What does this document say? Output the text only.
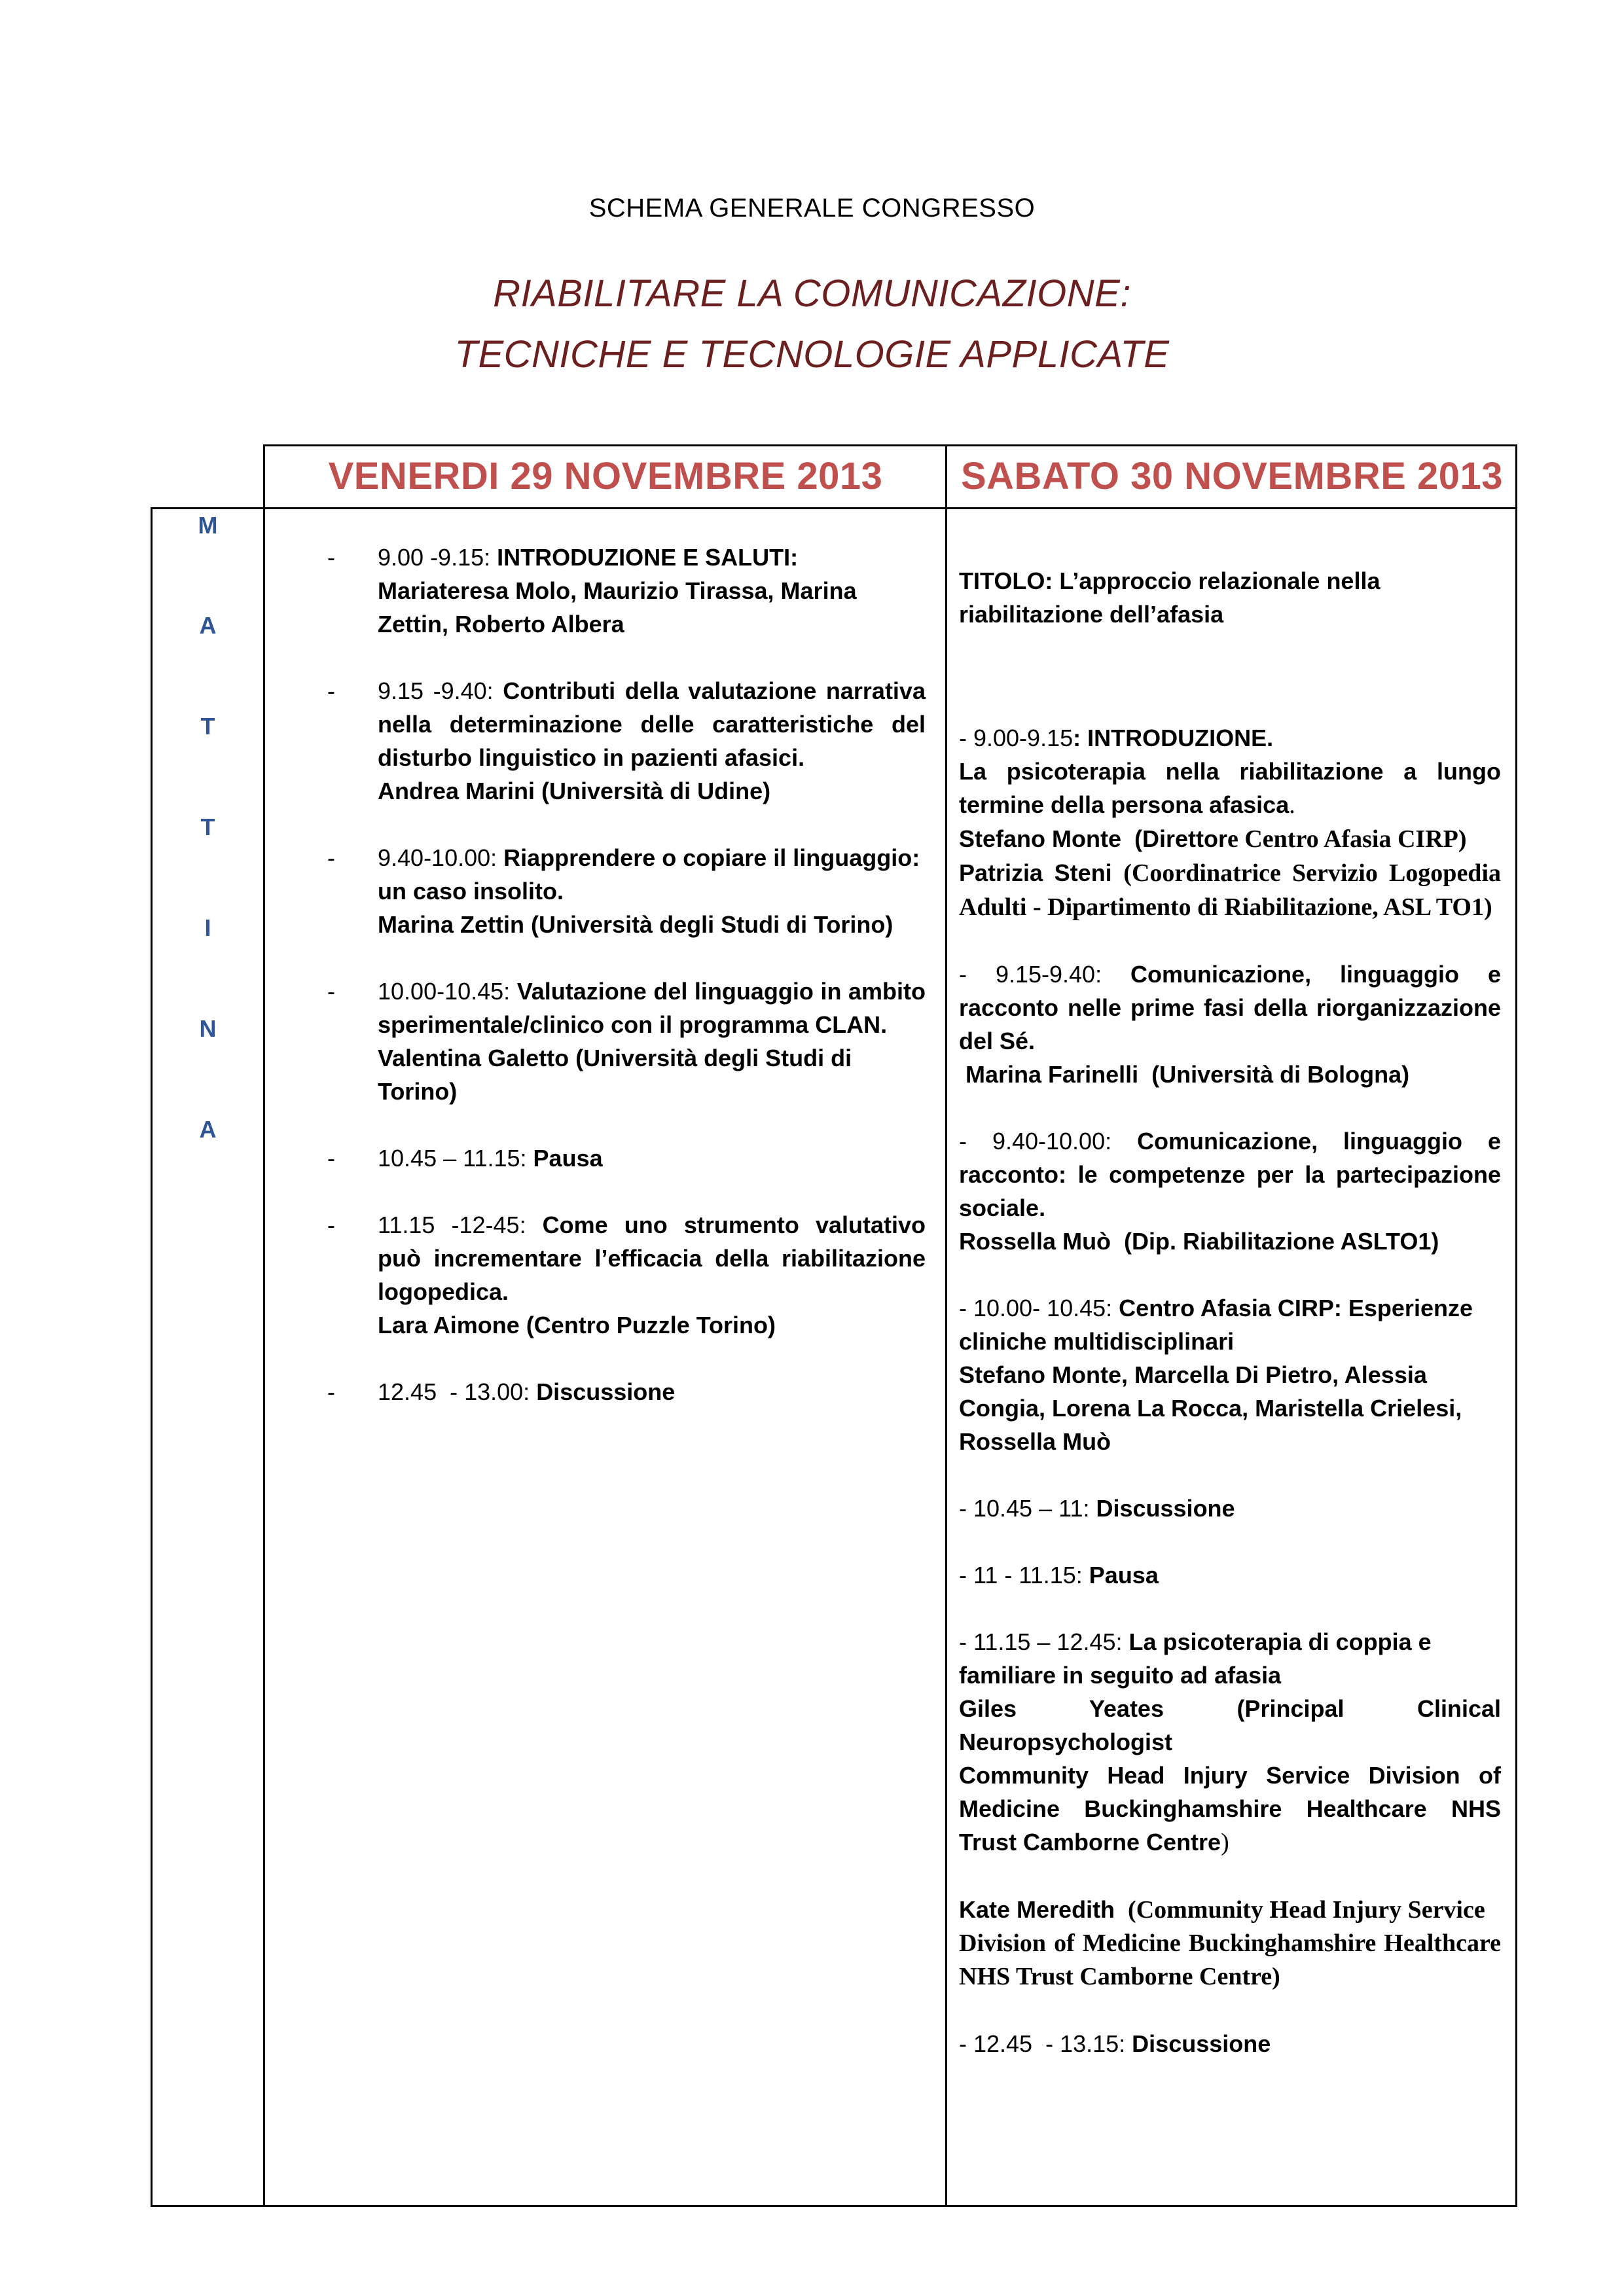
SCHEMA GENERALE CONGRESSO
RIABILITARE LA COMUNICAZIONE:
TECNICHE E TECNOLOGIE APPLICATE
VENERDI 29 NOVEMBRE 2013	SABATO 30 NOVEMBRE 2013
M
A
T
T
I
N
A
- 9.00 -9.15: INTRODUZIONE E SALUTI:

Mariateresa Molo, Maurizio Tirassa, Marina Zettin, Roberto Albera

- 9.15 -9.40: Contributi della valutazione narrativa nella determinazione delle caratteristiche del disturbo linguistico in pazienti afasici.

Andrea Marini (Università di Udine)

- 9.40-10.00: Riapprendere o copiare il linguaggio: un caso insolito.

Marina Zettin (Università degli Studi di Torino)

- 10.00-10.45: Valutazione del linguaggio in ambito sperimentale/clinico con il programma CLAN.

Valentina Galetto (Università degli Studi di Torino)

- 10.45 – 11.15: Pausa

- 11.15 -12-45: Come uno strumento valutativo può incrementare l’efficacia della riabilitazione logopedica.

Lara Aimone (Centro Puzzle Torino)

- 12.45  - 13.00: Discussione

TITOLO: L’approccio relazionale nella riabilitazione dell’afasia

- 9.00-9.15: INTRODUZIONE.

La psicoterapia nella riabilitazione a lungo termine della persona afasica.

Stefano Monte  (Direttore Centro Afasia CIRP)

Patrizia Steni (Coordinatrice Servizio Logopedia Adulti - Dipartimento di Riabilitazione, ASL TO1)

- 9.15-9.40: Comunicazione, linguaggio e racconto nelle prime fasi della riorganizzazione del Sé.

Marina Farinelli  (Università di Bologna)

- 9.40-10.00: Comunicazione, linguaggio e racconto: le competenze per la partecipazione sociale.

Rossella Muò  (Dip. Riabilitazione ASLTO1)

- 10.00- 10.45: Centro Afasia CIRP: Esperienze cliniche multidisciplinari

Stefano Monte, Marcella Di Pietro, Alessia Congia, Lorena La Rocca, Maristella Crielesi, Rossella Muò

- 10.45 – 11: Discussione

- 11 - 11.15: Pausa

- 11.15 – 12.45: La psicoterapia di coppia e familiare in seguito ad afasia

Giles Yeates (Principal Clinical Neuropsychologist

Community Head Injury Service Division of Medicine Buckinghamshire Healthcare NHS Trust Camborne Centre)

Kate Meredith  (Community Head Injury Service

Division of Medicine Buckinghamshire Healthcare NHS Trust Camborne Centre)

- 12.45  - 13.15: Discussione
